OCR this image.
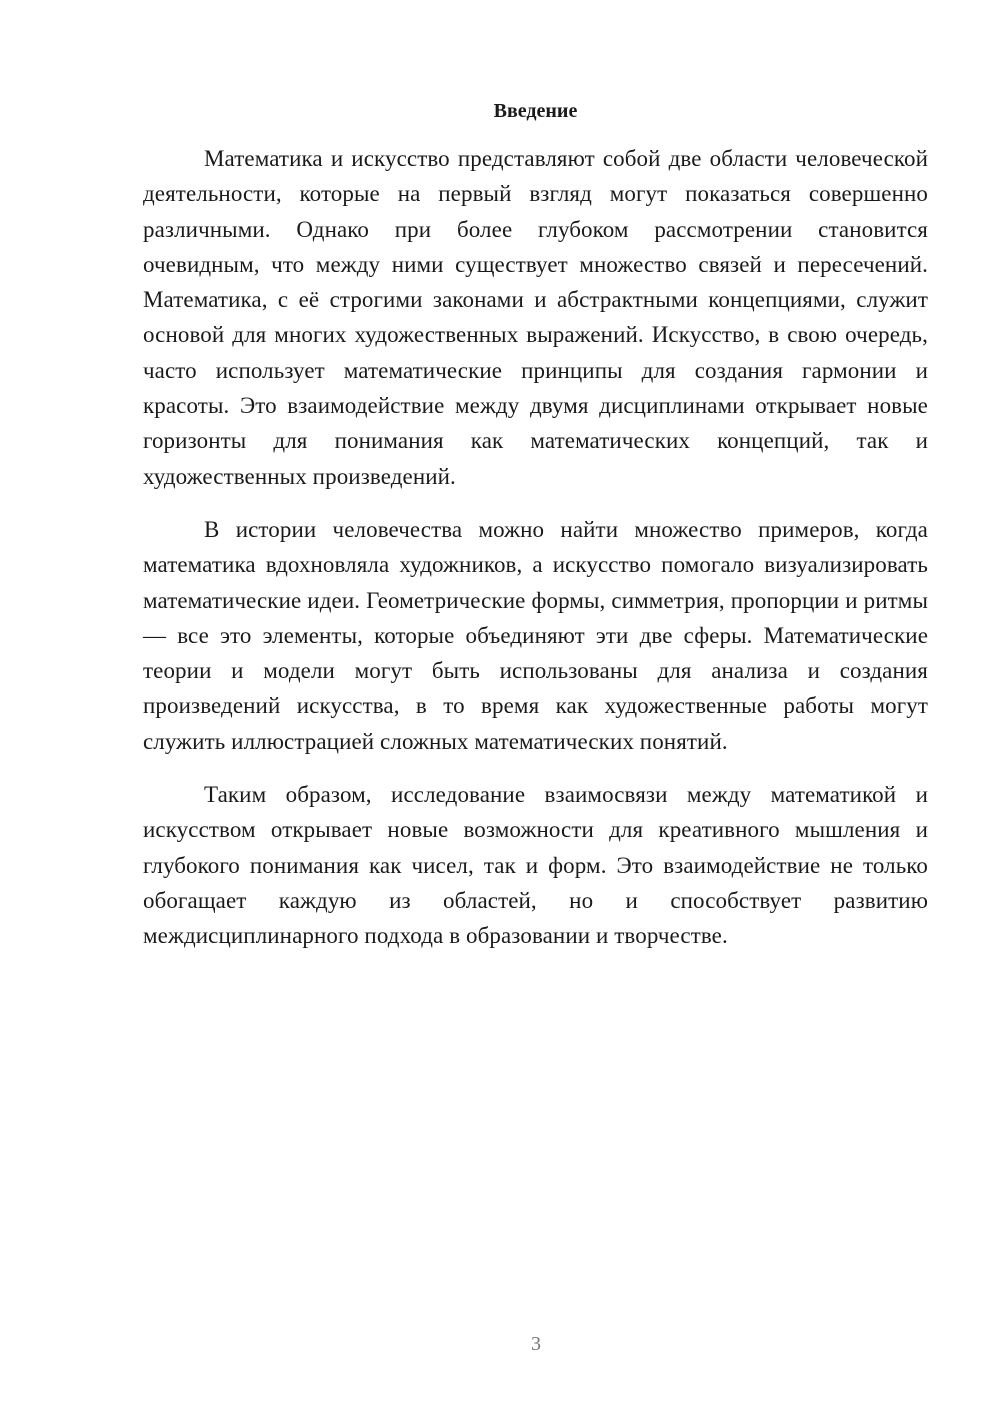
Введение

Математика и искусство представляют собой две области человеческой деятельности, которые на первый взгляд могут показаться совершенно различными. Однако при более глубоком рассмотрении становится очевидным, что между ними существует множество связей и пересечений. Математика, с её строгими законами и абстрактными концепциями, служит основой для многих художественных выражений. Искусство, в свою очередь, часто использует математические принципы для создания гармонии и красоты. Это взаимодействие между двумя дисциплинами открывает новые горизонты для понимания как математических концепций, так и художественных произведений.

В истории человечества можно найти множество примеров, когда математика вдохновляла художников, а искусство помогало визуализировать математические идеи. Геометрические формы, симметрия, пропорции и ритмы — все это элементы, которые объединяют эти две сферы. Математические теории и модели могут быть использованы для анализа и создания произведений искусства, в то время как художественные работы могут служить иллюстрацией сложных математических понятий.

Таким образом, исследование взаимосвязи между математикой и искусством открывает новые возможности для креативного мышления и глубокого понимания как чисел, так и форм. Это взаимодействие не только обогащает каждую из областей, но и способствует развитию междисциплинарного подхода в образовании и творчестве.

3
